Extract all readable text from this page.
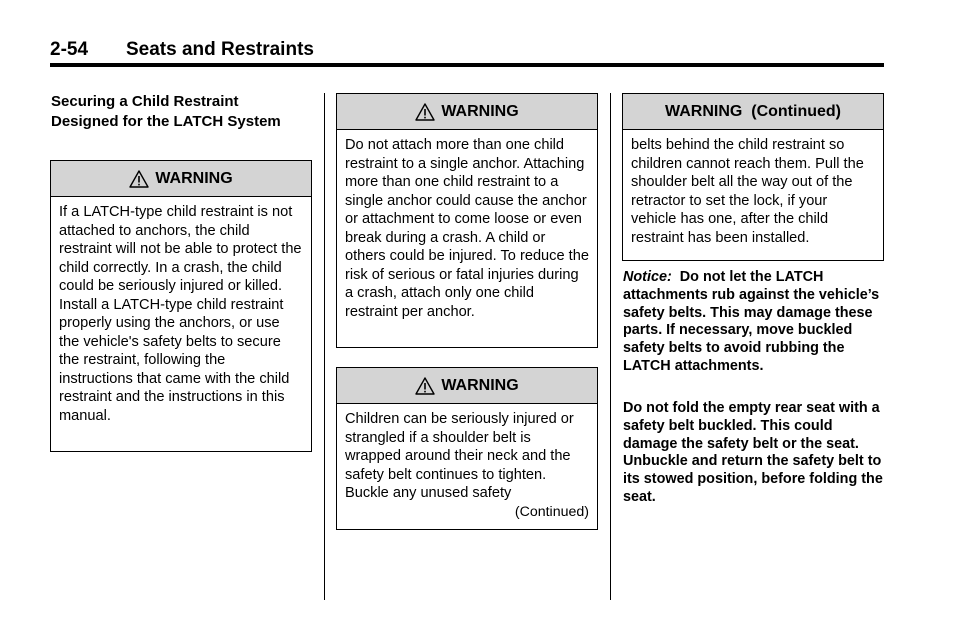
2-54 Seats and Restraints
Securing a Child Restraint Designed for the LATCH System
WARNING
If a LATCH-type child restraint is not attached to anchors, the child restraint will not be able to protect the child correctly. In a crash, the child could be seriously injured or killed. Install a LATCH-type child restraint properly using the anchors, or use the vehicle's safety belts to secure the restraint, following the instructions that came with the child restraint and the instructions in this manual.
WARNING
Do not attach more than one child restraint to a single anchor. Attaching more than one child restraint to a single anchor could cause the anchor or attachment to come loose or even break during a crash. A child or others could be injured. To reduce the risk of serious or fatal injuries during a crash, attach only one child restraint per anchor.
WARNING
Children can be seriously injured or strangled if a shoulder belt is wrapped around their neck and the safety belt continues to tighten. Buckle any unused safety
(Continued)
WARNING  (Continued)
belts behind the child restraint so children cannot reach them. Pull the shoulder belt all the way out of the retractor to set the lock, if your vehicle has one, after the child restraint has been installed.
Notice: Do not let the LATCH attachments rub against the vehicle’s safety belts. This may damage these parts. If necessary, move buckled safety belts to avoid rubbing the LATCH attachments.
Do not fold the empty rear seat with a safety belt buckled. This could damage the safety belt or the seat. Unbuckle and return the safety belt to its stowed position, before folding the seat.
